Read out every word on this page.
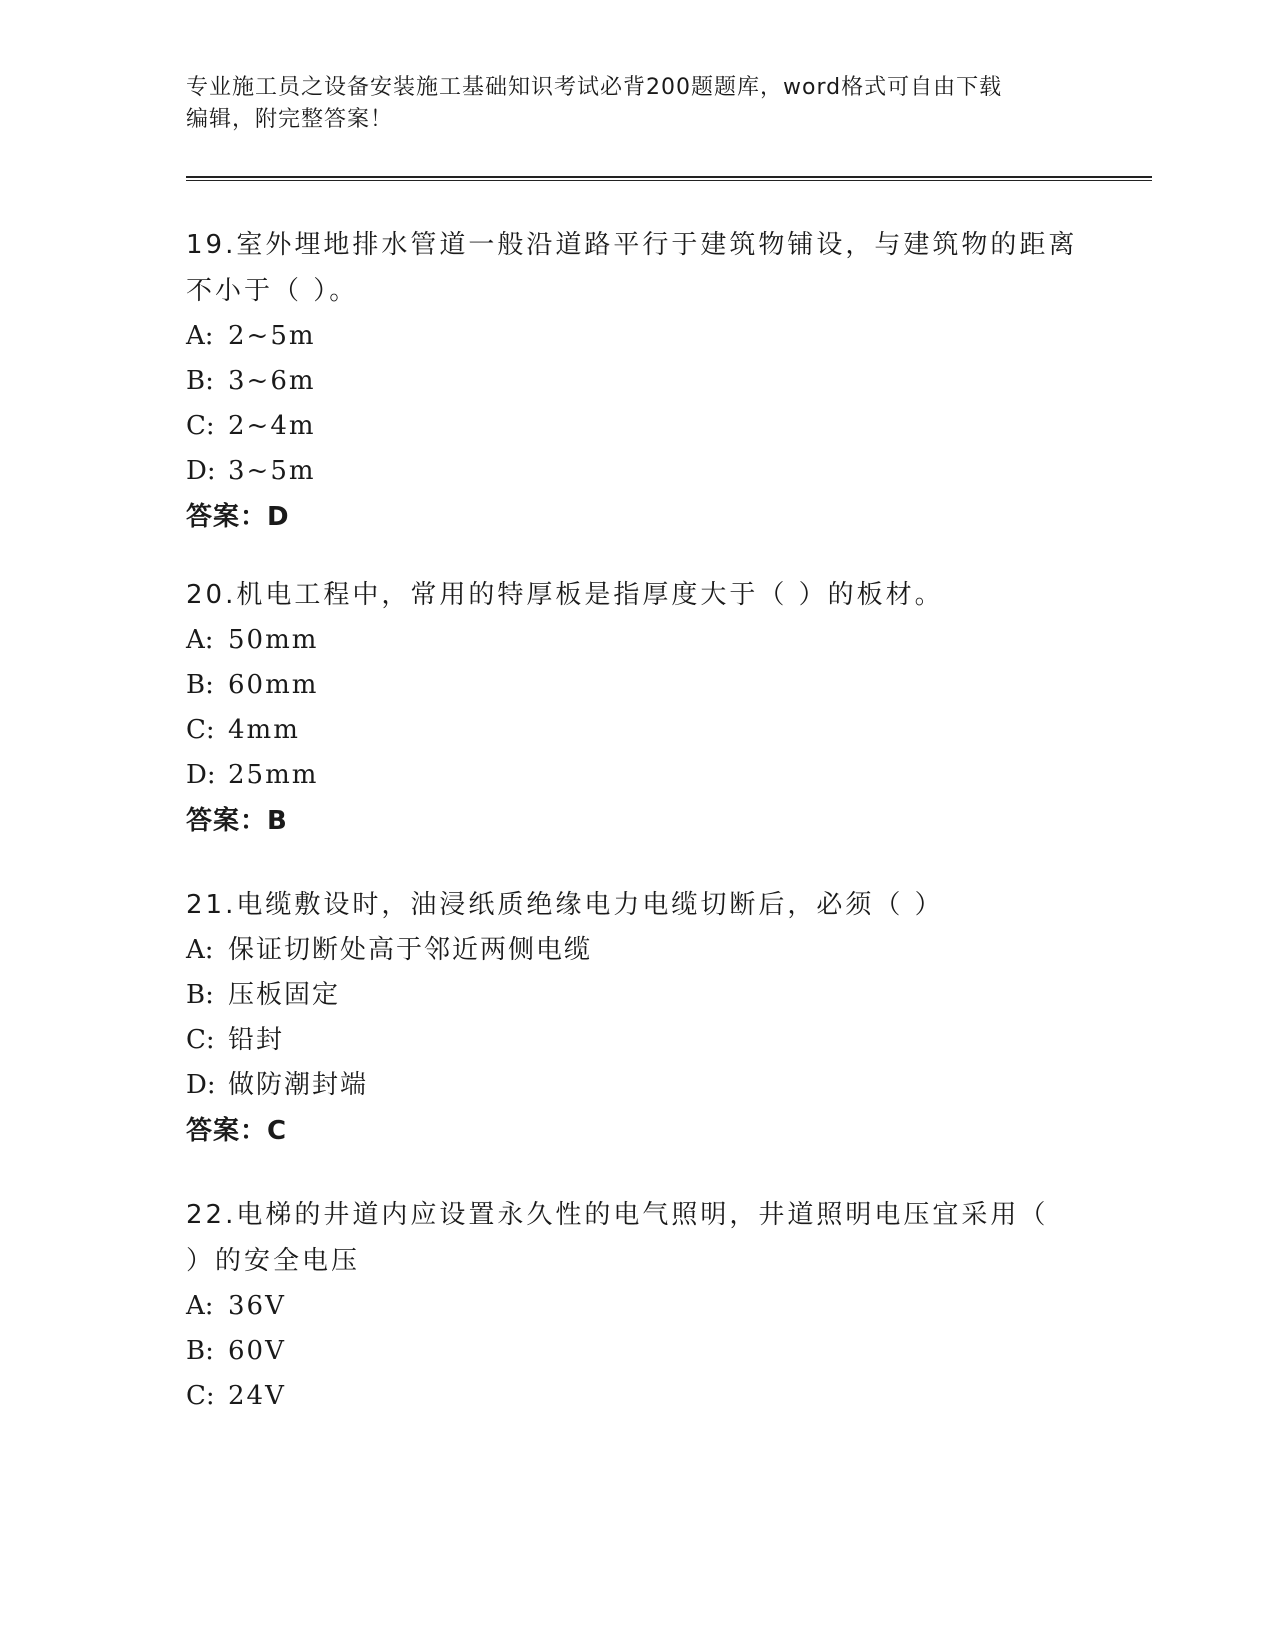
专业施工员之设备安装施工基础知识考试必背200题题库，word格式可自由下载
编辑，附完整答案！
19.室外埋地排水管道一般沿道路平行于建筑物铺设，与建筑物的距离
不小于（ ）。
A: 2~5m
B: 3~6m
C: 2~4m
D: 3~5m
答案：D
20.机电工程中，常用的特厚板是指厚度大于（ ）的板材。
A: 50mm
B: 60mm
C: 4mm
D: 25mm
答案：B
21.电缆敷设时，油浸纸质绝缘电力电缆切断后，必须（ ）
A: 保证切断处高于邻近两侧电缆
B: 压板固定
C: 铅封
D: 做防潮封端
答案：C
22.电梯的井道内应设置永久性的电气照明，井道照明电压宜采用（
）的安全电压
A: 36V
B: 60V
C: 24V
